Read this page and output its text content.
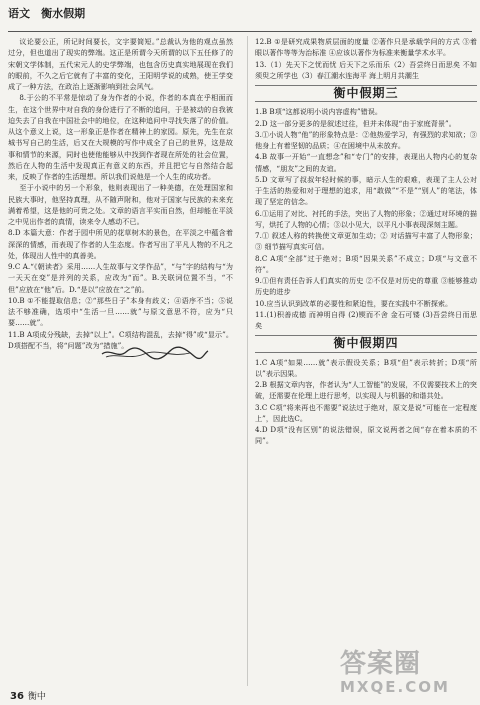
语文 衡水假期

议论要公正，所记时间要长，文字要简短。”总裁认为他的观点虽然过分，但也道出了现实的弊端。这正是所谓今天所谓的以下五任修了的宋朝文学体制，五代宋元人的史学弊端，也包含历史真实地展现在我们的眼前，不久之后它就有了丰富的变化，王阳明学说的成熟，使王学变成了一种方法，在政治上逐渐影响到社会风气。

8.于公的不平常是惊动了身为作者的小说，作者的本真在乎相面而生，在这个世界中对自我的身份进行了不断的追问，于是被动的自我被迫失去了自我在中国社会中的地位，在这种追问中寻找失落了的价值。从这个意义上说，这一形象正是作者在精神上的家园。原先，先生在京城书写自己的生活，后又在大规模的写作中成全了自己的世界，这是故事和情节的来源，同时也使他能够从中找到作者现在所处的社会位置，然后在人物的生活中发现真正有意义的东西，并且把它与自然结合起来，反映了作者的生活理想。所以我们说他是一个人生的成功者。

至于小说中的另一个形象，他则表现出了一种美德，在处理国家和民族大事时，他坚持真理，从不随声附和，他对于国家与民族的未来充满着希望，这是他的可贵之处。文章的语言平实而自然，但却能在平淡之中见出作者的真情，读来令人感动不已。

8.D 本篇大意：作者于园中所见的花草树木的景色，在平淡之中蕴含着深深的情感，而表现了作者的人生态度。作者写出了平凡人物的不凡之处，体现出人性中的真善美。

9.C A.“《朝读者》采用……人生故事与文学作品”，“与”字的结构与“为一天天在变”是并列的关系，应改为“而”。B.关联词位置不当，“不但”应放在“他”后。D.“是以”应放在“之”前。

10.B ①不能提取信息；②“那些日子”本身有歧义；④语序不当；⑤说法不够准确，选项中“生活一旦……就”与原文意思不符，应为“只要……就”。

11.B A项成分残缺，去掉“以上”。C项结构混乱，去掉“得”或“显示”。D项搭配不当，将“问题”改为“措施”。

12.B ①是研究成果物质层面的度量 ②著作只是承载学问的方式 ③着眼以著作等等为治标准 ④应该以著作为标准来衡量学术水平。

13.（1）先天下之忧而忧 后天下之乐而乐（2）吾尝终日而思矣 不如须臾之所学也（3）春江潮水连海平 海上明月共潮生

衡中假期三

1.B B项“这都说明小说内容虚构”错误。

2.D 这一部分更多的是叙述过往，但并未体现“由于家庭背景”。

3.①小说人物“他”的形象特点是：②他热爱学习，有强烈的求知欲；③他身上有着坚韧的品质；④在困境中从未放弃。

4.B 故事一开始“一直想念”和“专门”的安排，表现出人物内心的复杂情感，“朋友”之间的友谊。

5.D 文章写了叔叔年轻时候的事，暗示人生的艰难，表现了主人公对于生活的热爱和对于理想的追求，用“敢做”“不是”“别人”的笔法，体现了坚定的信念。

6.①运用了对比、衬托的手法，突出了人物的形象；②通过对环境的描写，烘托了人物的心情；③以小见大，以平凡小事表现深刻主题。

7.① 叙述人称的转换使文章更加生动；② 对话描写丰富了人物形象；③ 细节描写真实可信。

8.C A项“全部”过于绝对；B项“因果关系”不成立；D项“与文意不符”。

9.①但有责任告诉人们真实的历史 ②不仅是对历史的尊重 ③能够推动历史的进步

10.应当认识到改革的必要性和紧迫性，要在实践中不断探索。

11.(1)积善成德 而神明自得 (2)锲而不舍 金石可镂 (3)吾尝终日而思矣

衡中假期四

1.C A项“如果……就”表示假设关系；B项“但”表示转折；D项“所以”表示因果。

2.B 根据文章内容，作者认为“人工智能”的发展，不仅需要技术上的突破，还需要在伦理上进行思考，以实现人与机器的和谐共处。

3.C C项“将来再也不需要”说法过于绝对，原文是说“可能在一定程度上”，因此选C。

4.D D项“没有区别”的说法错误，原文说两者之间“存在着本质的不同”。

36 衡中
答案圈
MXQE.COM
